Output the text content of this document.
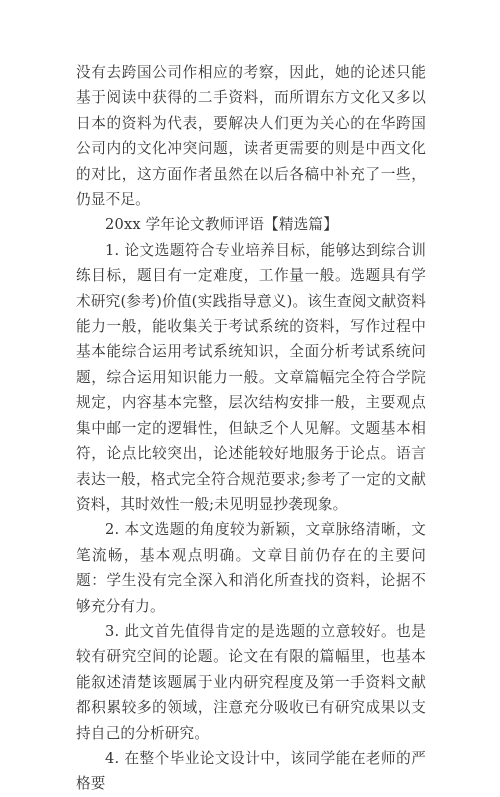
没有去跨国公司作相应的考察，因此，她的论述只能基于阅读中获得的二手资料，而所谓东方文化又多以日本的资料为代表，要解决人们更为关心的在华跨国公司内的文化冲突问题，读者更需要的则是中西文化的对比，这方面作者虽然在以后各稿中补充了一些，仍显不足。

20xx 学年论文教师评语【精选篇】

1. 论文选题符合专业培养目标，能够达到综合训练目标，题目有一定难度，工作量一般。选题具有学术研究(参考)价值(实践指导意义)。该生查阅文献资料能力一般，能收集关于考试系统的资料，写作过程中基本能综合运用考试系统知识，全面分析考试系统问题，综合运用知识能力一般。文章篇幅完全符合学院规定，内容基本完整，层次结构安排一般，主要观点集中邮一定的逻辑性，但缺乏个人见解。文题基本相符，论点比较突出，论述能较好地服务于论点。语言表达一般，格式完全符合规范要求;参考了一定的文献资料，其时效性一般;未见明显抄袭现象。

2. 本文选题的角度较为新颖，文章脉络清晰，文笔流畅，基本观点明确。文章目前仍存在的主要问题：学生没有完全深入和消化所查找的资料，论据不够充分有力。

3. 此文首先值得肯定的是选题的立意较好。也是较有研究空间的论题。论文在有限的篇幅里，也基本能叙述清楚该题属于业内研究程度及第一手资料文献都积累较多的领域，注意充分吸收已有研究成果以支持自己的分析研究。

4. 在整个毕业论文设计中，该同学能在老师的严格要
